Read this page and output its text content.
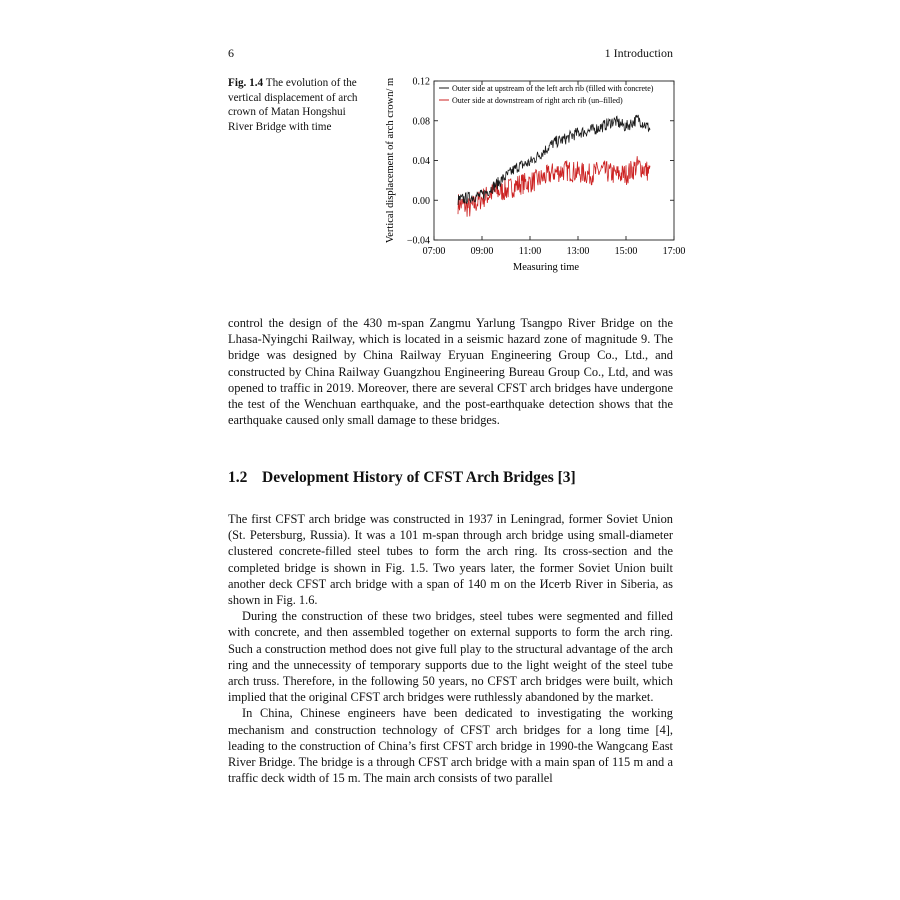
6	1 Introduction
Fig. 1.4 The evolution of the vertical displacement of arch crown of Matan Hongshui River Bridge with time
−0.04
0.00
0.04
0.08
0.12
07:00	09:00	11:00	13:00	15:00	17:00
Measuring time
Vertical displacement of arch crown/ m	Outer side at upstream of the left arch rib (filled with concrete)
Outer side at downstream of right arch rib (un–filled)

control the design of the 430 m-span Zangmu Yarlung Tsangpo River Bridge on the Lhasa-Nyingchi Railway, which is located in a seismic hazard zone of magnitude 9. The bridge was designed by China Railway Eryuan Engineering Group Co., Ltd., and constructed by China Railway Guangzhou Engineering Bureau Group Co., Ltd, and was opened to traffic in 2019. Moreover, there are several CFST arch bridges have undergone the test of the Wenchuan earthquake, and the post-earthquake detection shows that the earthquake caused only small damage to these bridges.

1.2 Development History of CFST Arch Bridges [3]

The first CFST arch bridge was constructed in 1937 in Leningrad, former Soviet Union (St. Petersburg, Russia). It was a 101 m-span through arch bridge using small-diameter clustered concrete-filled steel tubes to form the arch ring. Its cross-section and the completed bridge is shown in Fig. 1.5. Two years later, the former Soviet Union built another deck CFST arch bridge with a span of 140 m on the Иceтb River in Siberia, as shown in Fig. 1.6.

During the construction of these two bridges, steel tubes were segmented and filled with concrete, and then assembled together on external supports to form the arch ring. Such a construction method does not give full play to the structural advantage of the arch ring and the unnecessity of temporary supports due to the light weight of the steel tube arch truss. Therefore, in the following 50 years, no CFST arch bridges were built, which implied that the original CFST arch bridges were ruthlessly abandoned by the market.

In China, Chinese engineers have been dedicated to investigating the working mechanism and construction technology of CFST arch bridges for a long time [4], leading to the construction of China’s first CFST arch bridge in 1990-the Wangcang East River Bridge. The bridge is a through CFST arch bridge with a main span of 115 m and a traffic deck width of 15 m. The main arch consists of two parallel
